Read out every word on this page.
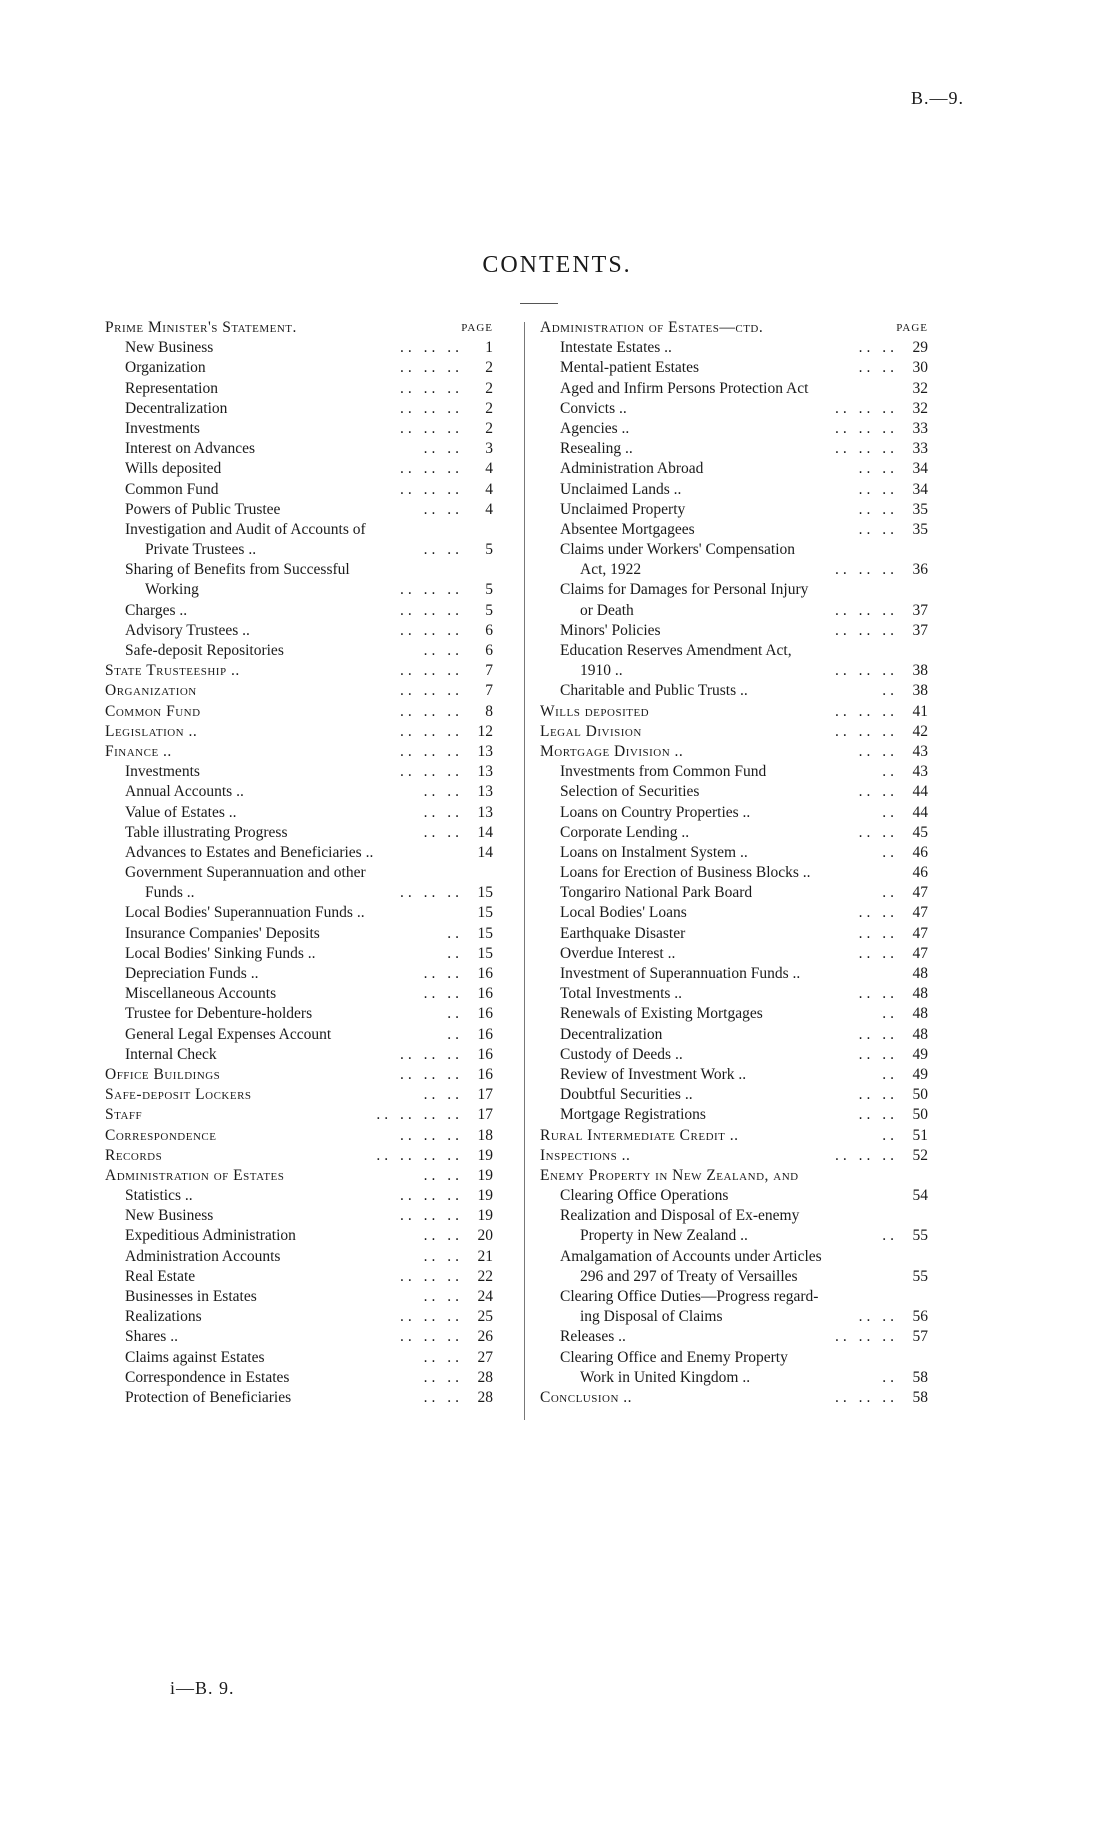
B.—9.
CONTENTS.
PAGE
Prime Minister's Statement.
New Business	.. .. .. 1
Organization	.. .. .. 2
Representation	.. .. .. 2
Decentralization	.. .. .. 2
Investments	.. .. .. 2
Interest on Advances	.. .. 3
Wills deposited	.. .. .. 4
Common Fund	.. .. .. 4
Powers of Public Trustee	.. .. 4
Investigation and Audit of Accounts of
Private Trustees ..	.. .. 5
Sharing of Benefits from Successful
Working	.. .. .. 5
Charges ..	.. .. .. 5
Advisory Trustees ..	.. .. .. 6
Safe-deposit Repositories	.. .. 6
State Trusteeship ..	.. .. .. 7
Organization	.. .. .. 7
Common Fund	.. .. .. 8
Legislation ..	.. .. .. 12
Finance ..	.. .. .. 13
Investments	.. .. .. 13
Annual Accounts ..	.. .. 13
Value of Estates ..	.. .. 13
Table illustrating Progress	.. .. 14
Advances to Estates and Beneficiaries ..	14
Government Superannuation and other
Funds ..	.. .. .. 15
Local Bodies' Superannuation Funds ..	15
Insurance Companies' Deposits	.. 15
Local Bodies' Sinking Funds ..	.. 15
Depreciation Funds ..	.. .. 16
Miscellaneous Accounts	.. .. 16
Trustee for Debenture-holders	.. 16
General Legal Expenses Account	.. 16
Internal Check	.. .. .. 16
Office Buildings	.. .. .. 16
Safe-deposit Lockers	.. .. 17
Staff	.. .. .. .. 17
Correspondence	.. .. .. 18
Records	.. .. .. .. 19
Administration of Estates	.. .. 19
Statistics ..	.. .. .. 19
New Business	.. .. .. 19
Expeditious Administration	.. .. 20
Administration Accounts	.. .. 21
Real Estate	.. .. .. 22
Businesses in Estates	.. .. 24
Realizations	.. .. .. 25
Shares ..	.. .. .. 26
Claims against Estates	.. .. 27
Correspondence in Estates	.. .. 28
Protection of Beneficiaries	.. .. 28
PAGE
Administration of Estates—ctd.
Intestate Estates ..	.. .. 29
Mental-patient Estates	.. .. 30
Aged and Infirm Persons Protection Act	32
Convicts ..	.. .. .. 32
Agencies ..	.. .. .. 33
Resealing ..	.. .. .. 33
Administration Abroad	.. .. 34
Unclaimed Lands ..	.. .. 34
Unclaimed Property	.. .. 35
Absentee Mortgagees	.. .. 35
Claims under Workers' Compensation
Act, 1922	.. .. .. 36
Claims for Damages for Personal Injury
or Death	.. .. .. 37
Minors' Policies	.. .. .. 37
Education Reserves Amendment Act,
1910 ..	.. .. .. 38
Charitable and Public Trusts ..	.. 38
Wills deposited	.. .. .. 41
Legal Division	.. .. .. 42
Mortgage Division ..	.. .. 43
Investments from Common Fund	.. 43
Selection of Securities	.. .. 44
Loans on Country Properties ..	.. 44
Corporate Lending ..	.. .. 45
Loans on Instalment System ..	.. 46
Loans for Erection of Business Blocks ..	46
Tongariro National Park Board	.. 47
Local Bodies' Loans	.. .. 47
Earthquake Disaster	.. .. 47
Overdue Interest ..	.. .. 47
Investment of Superannuation Funds ..	48
Total Investments ..	.. .. 48
Renewals of Existing Mortgages	.. 48
Decentralization	.. .. 48
Custody of Deeds ..	.. .. 49
Review of Investment Work ..	.. 49
Doubtful Securities ..	.. .. 50
Mortgage Registrations	.. .. 50
Rural Intermediate Credit ..	.. 51
Inspections ..	.. .. .. 52
Enemy Property in New Zealand, and
Clearing Office Operations	54
Realization and Disposal of Ex-enemy
Property in New Zealand ..	.. 55
Amalgamation of Accounts under Articles
296 and 297 of Treaty of Versailles	55
Clearing Office Duties—Progress regard-
ing Disposal of Claims	.. .. 56
Releases ..	.. .. .. 57
Clearing Office and Enemy Property
Work in United Kingdom ..	.. 58
Conclusion ..	.. .. .. 58
i—B. 9.
